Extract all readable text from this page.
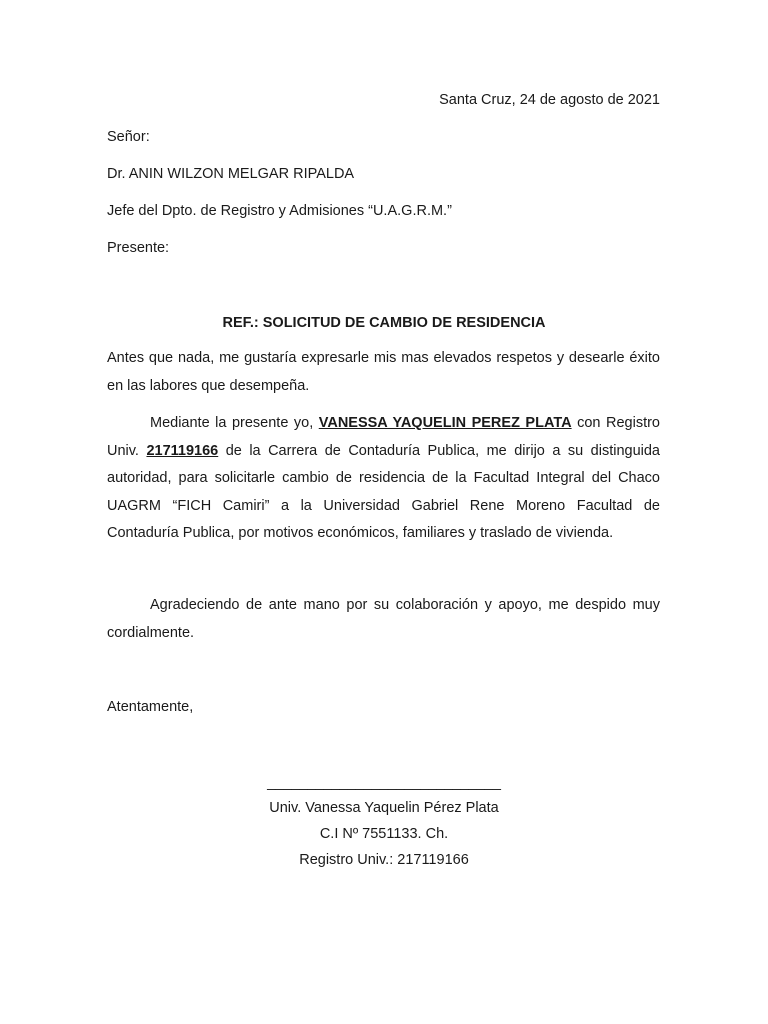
Santa Cruz, 24 de agosto de 2021
Señor:
Dr. ANIN WILZON MELGAR RIPALDA
Jefe del Dpto. de Registro y Admisiones “U.A.G.R.M.”
Presente:
REF.: SOLICITUD DE CAMBIO DE RESIDENCIA

Antes que nada, me gustaría expresarle mis mas elevados respetos y desearle éxito en las labores que desempeña.

Mediante la presente yo, VANESSA YAQUELIN PEREZ PLATA con Registro Univ. 217119166 de la Carrera de Contaduría Publica, me dirijo a su distinguida autoridad, para solicitarle cambio de residencia de la Facultad Integral del Chaco UAGRM “FICH Camiri” a la Universidad Gabriel Rene Moreno Facultad de Contaduría Publica, por motivos económicos, familiares y traslado de vivienda.

Agradeciendo de ante mano por su colaboración y apoyo, me despido muy cordialmente.

Atentamente,
_____________________________
Univ. Vanessa Yaquelin Pérez Plata
C.I Nº 7551133. Ch.
Registro Univ.: 217119166
